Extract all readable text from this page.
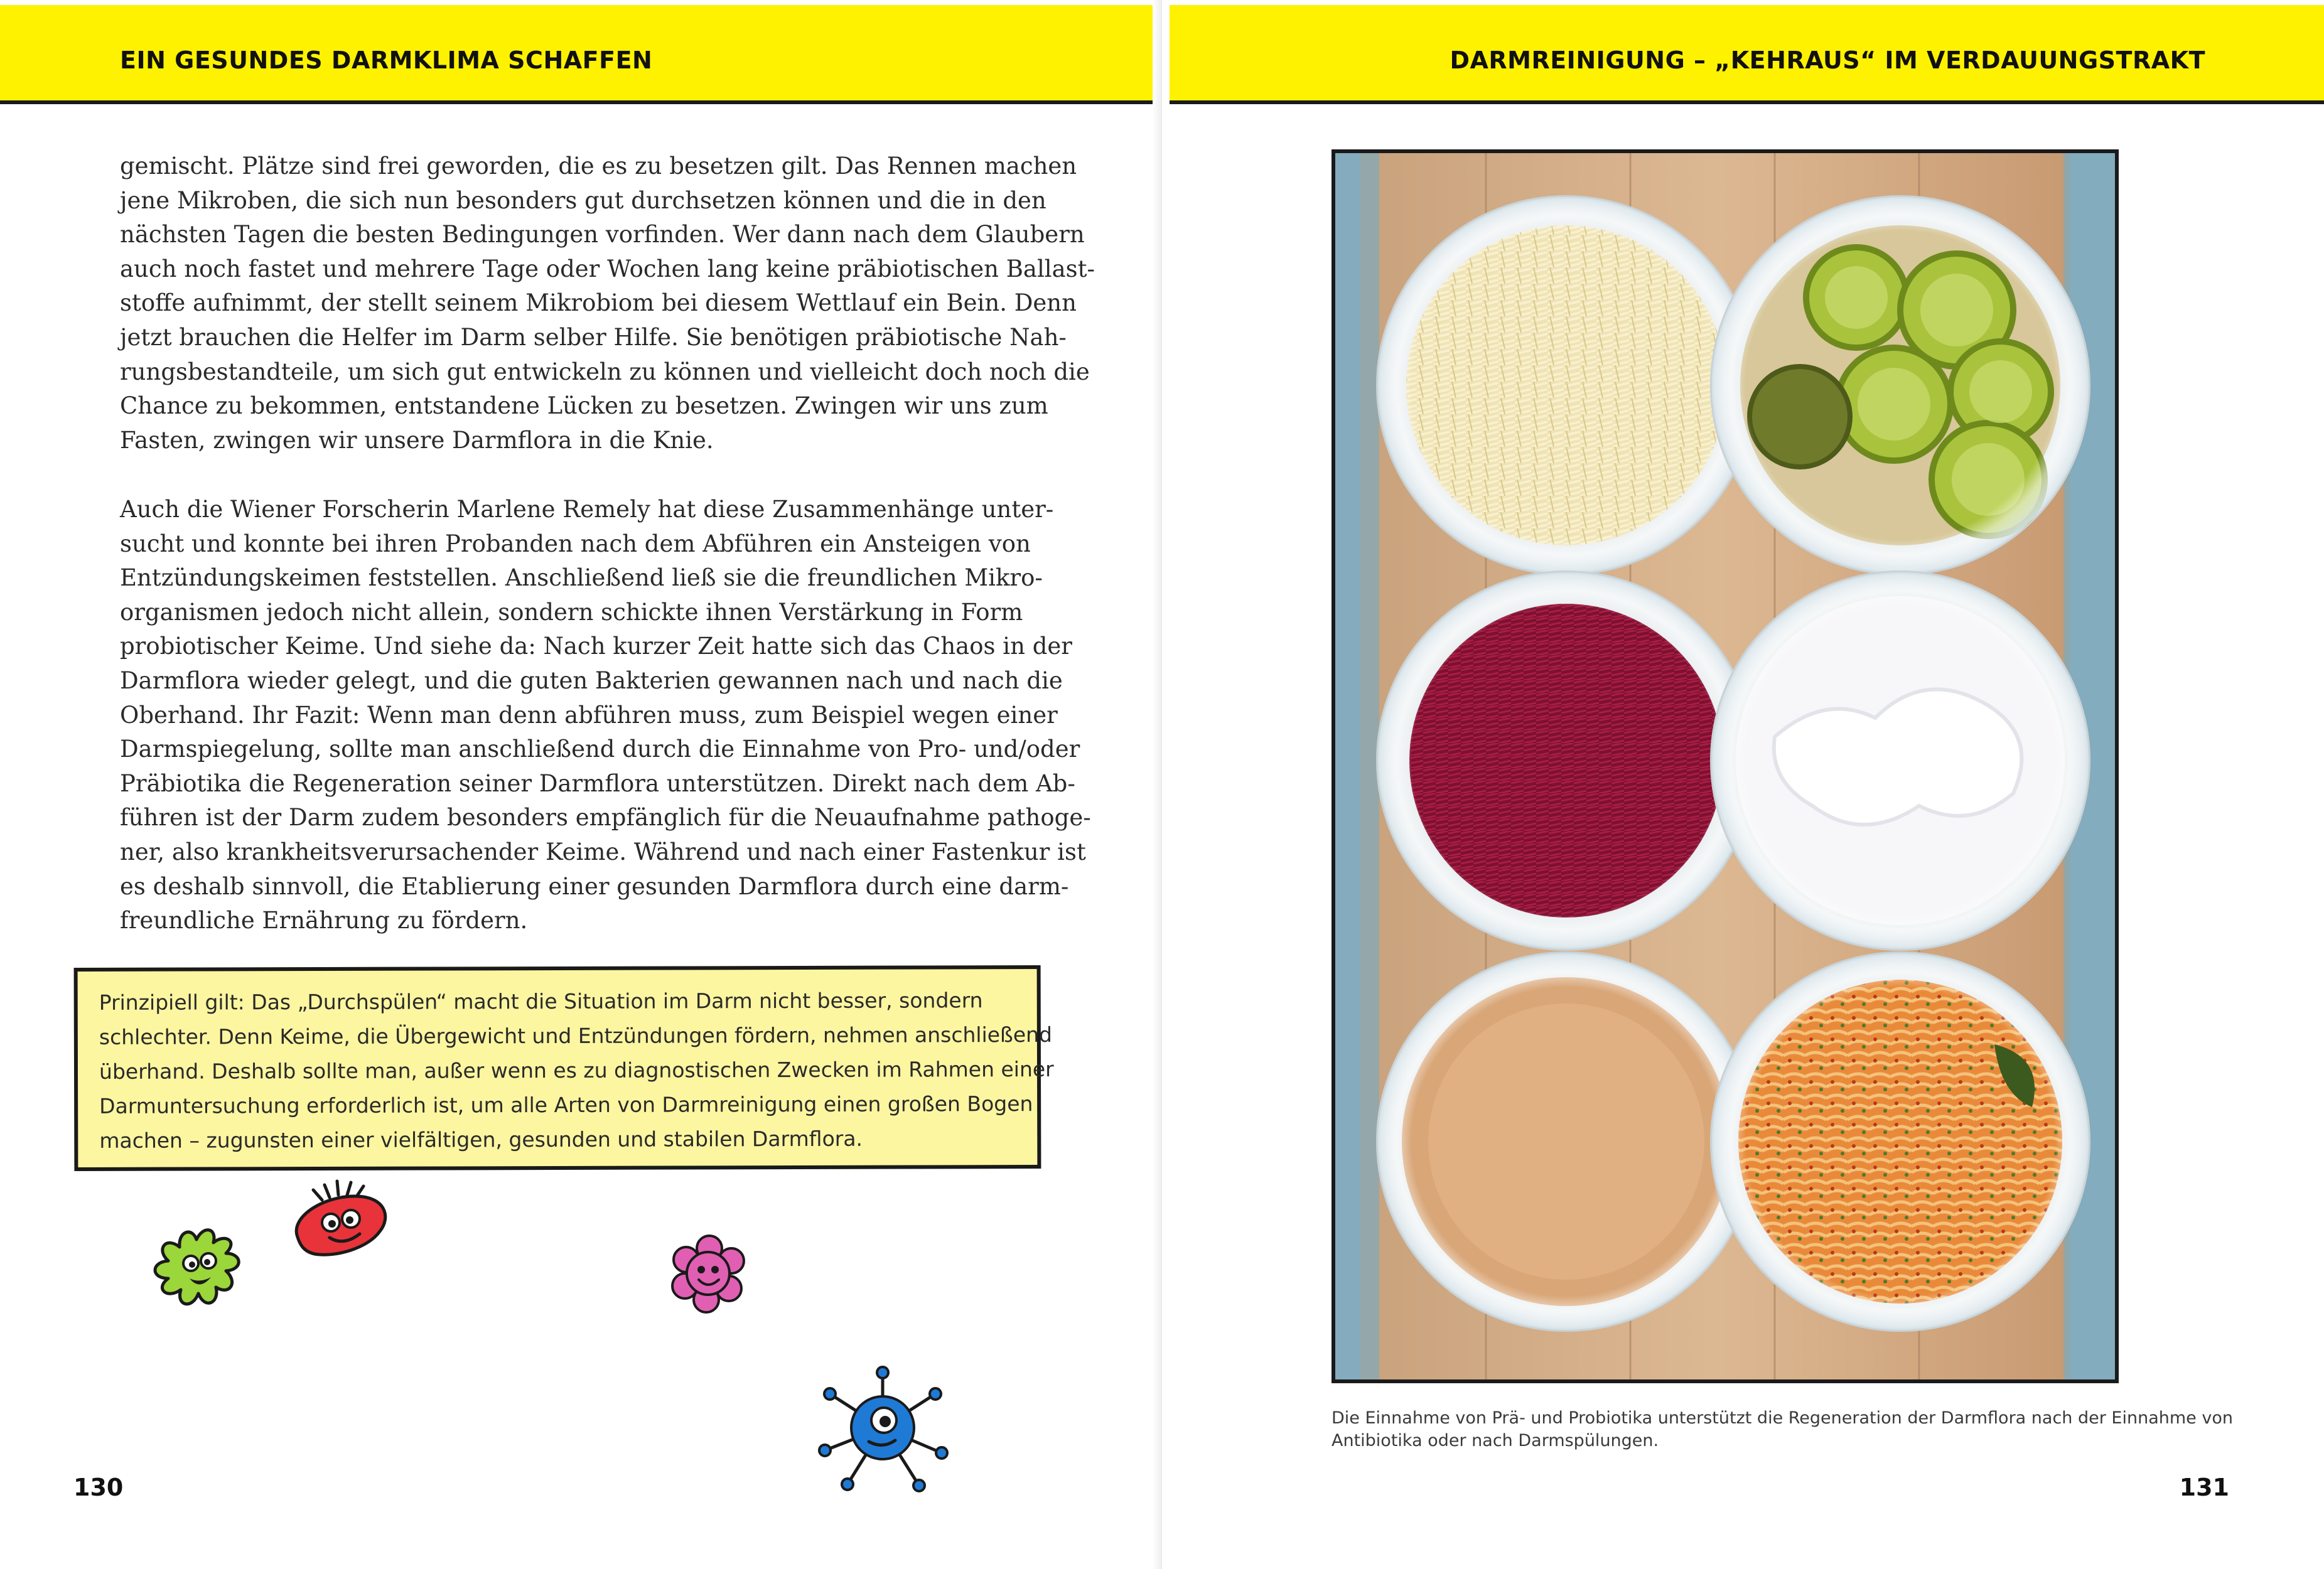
EIN GESUNDES DARMKLIMA SCHAFFEN

gemischt. Plätze sind frei geworden, die es zu besetzen gilt. Das Rennen machen
jene Mikroben, die sich nun besonders gut durchsetzen können und die in den
nächsten Tagen die besten Bedingungen vorfinden. Wer dann nach dem Glaubern
auch noch fastet und mehrere Tage oder Wochen lang keine präbiotischen Ballast-
stoffe aufnimmt, der stellt seinem Mikrobiom bei diesem Wettlauf ein Bein. Denn
jetzt brauchen die Helfer im Darm selber Hilfe. Sie benötigen präbiotische Nah-
rungsbestandteile, um sich gut entwickeln zu können und vielleicht doch noch die
Chance zu bekommen, entstandene Lücken zu besetzen. Zwingen wir uns zum
Fasten, zwingen wir unsere Darmflora in die Knie.

Auch die Wiener Forscherin Marlene Remely hat diese Zusammenhänge unter-
sucht und konnte bei ihren Probanden nach dem Abführen ein Ansteigen von
Entzündungskeimen feststellen. Anschließend ließ sie die freundlichen Mikro-
organismen jedoch nicht allein, sondern schickte ihnen Verstärkung in Form
probiotischer Keime. Und siehe da: Nach kurzer Zeit hatte sich das Chaos in der
Darmflora wieder gelegt, und die guten Bakterien gewannen nach und nach die
Oberhand. Ihr Fazit: Wenn man denn abführen muss, zum Beispiel wegen einer
Darmspiegelung, sollte man anschließend durch die Einnahme von Pro- und/oder
Präbiotika die Regeneration seiner Darmflora unterstützen. Direkt nach dem Ab-
führen ist der Darm zudem besonders empfänglich für die Neuaufnahme pathoge-
ner, also krankheitsverursachender Keime. Während und nach einer Fastenkur ist
es deshalb sinnvoll, die Etablierung einer gesunden Darmflora durch eine darm-
freundliche Ernährung zu fördern.

Prinzipiell gilt: Das „Durchspülen“ macht die Situation im Darm nicht besser, sondern
schlechter. Denn Keime, die Übergewicht und Entzündungen fördern, nehmen anschließend
überhand. Deshalb sollte man, außer wenn es zu diagnostischen Zwecken im Rahmen einer
Darmuntersuchung erforderlich ist, um alle Arten von Darmreinigung einen großen Bogen
machen – zugunsten einer vielfältigen, gesunden und stabilen Darmflora.
130
DARMREINIGUNG – „KEHRAUS“ IM VERDAUUNGSTRAKT
Die Einnahme von Prä- und Probiotika unterstützt die Regeneration der Darmflora nach der Einnahme von
Antibiotika oder nach Darmspülungen.
131
